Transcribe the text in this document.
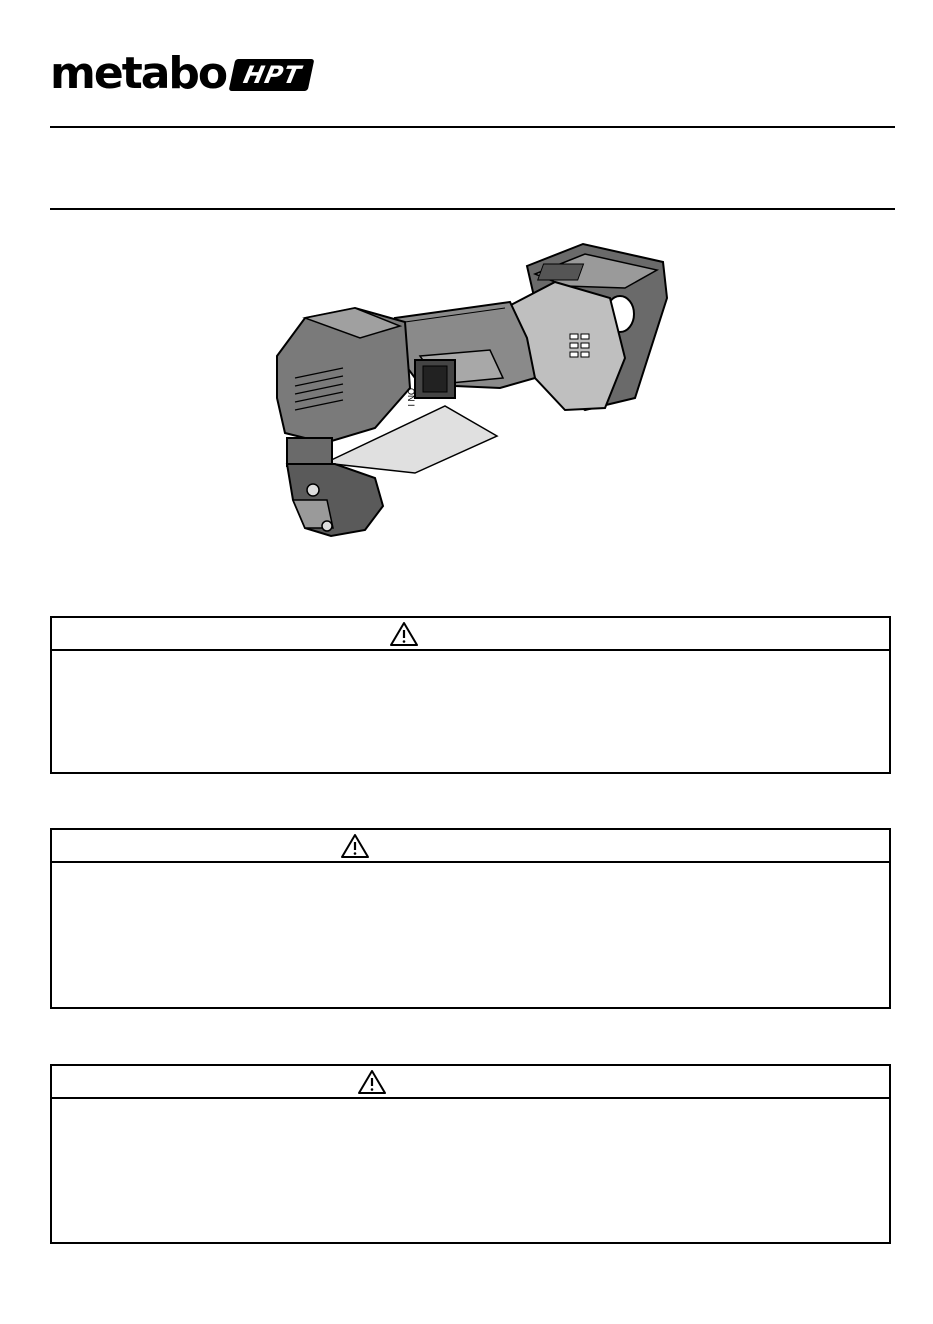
metabo HPT
ON I
